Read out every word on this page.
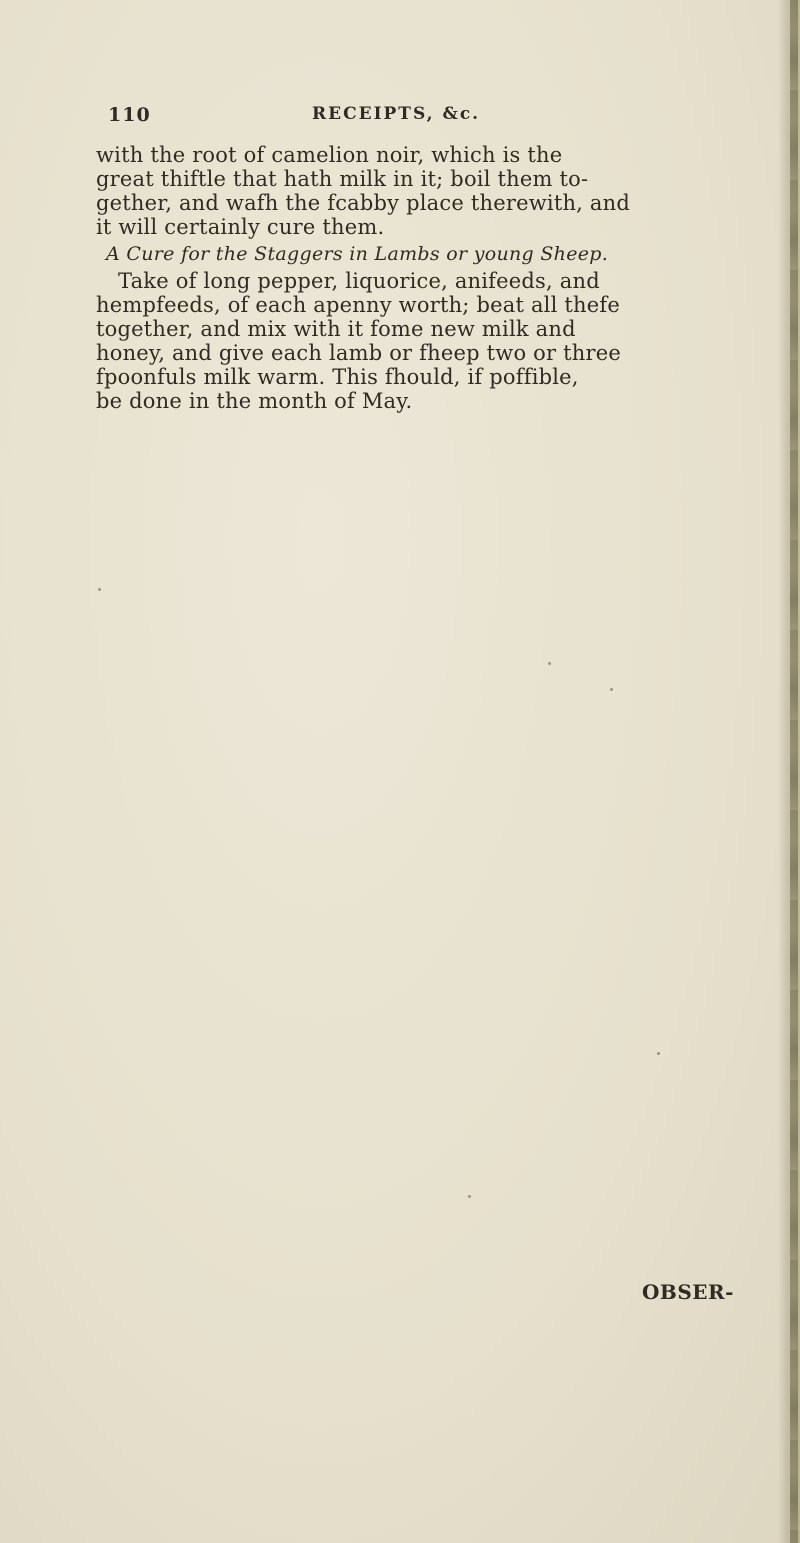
110	RECEIPTS, &c.
with the root of camelion noir, which is the
great thiftle that hath milk in it; boil them to-
gether, and wafh the fcabby place therewith, and
it will certainly cure them.
A Cure for the Staggers in Lambs or young Sheep.
Take of long pepper, liquorice, anifeeds, and
hempfeeds, of each apenny worth; beat all thefe
together, and mix with it fome new milk and
honey, and give each lamb or fheep two or three
fpoonfuls milk warm. This fhould, if poffible,
be done in the month of May.
OBSER-
